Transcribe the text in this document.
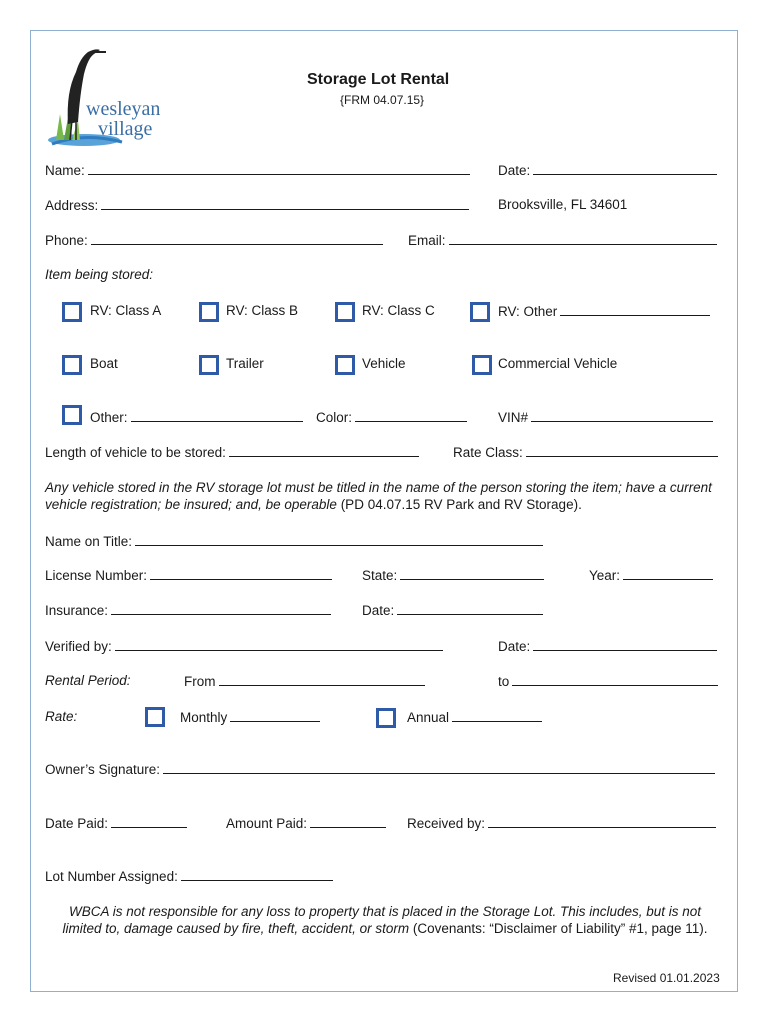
wesleyan
village
Storage Lot Rental
{FRM 04.07.15}
Name:	Date:
Address:	Brooksville, FL 34601
Phone:	Email:
Item being stored:
RV: Class A	RV: Class B	RV: Class C	RV: Other
Boat	Trailer	Vehicle	Commercial Vehicle
Other:	Color:	VIN#
Length of vehicle to be stored:	Rate Class:
Any vehicle stored in the RV storage lot must be titled in the name of the person storing the item; have a current vehicle registration; be insured; and, be operable (PD 04.07.15 RV Park and RV Storage).
Name on Title:
License Number:	State:	Year:
Insurance:	Date:
Verified by:	Date:
Rental Period:	From	to
Rate:	Monthly	Annual
Owner’s Signature:
Date Paid:	Amount Paid:	Received by:
Lot Number Assigned:
WBCA is not responsible for any loss to property that is placed in the Storage Lot. This includes, but is not limited to, damage caused by fire, theft, accident, or storm (Covenants: “Disclaimer of Liability” #1, page 11).
Revised 01.01.2023
